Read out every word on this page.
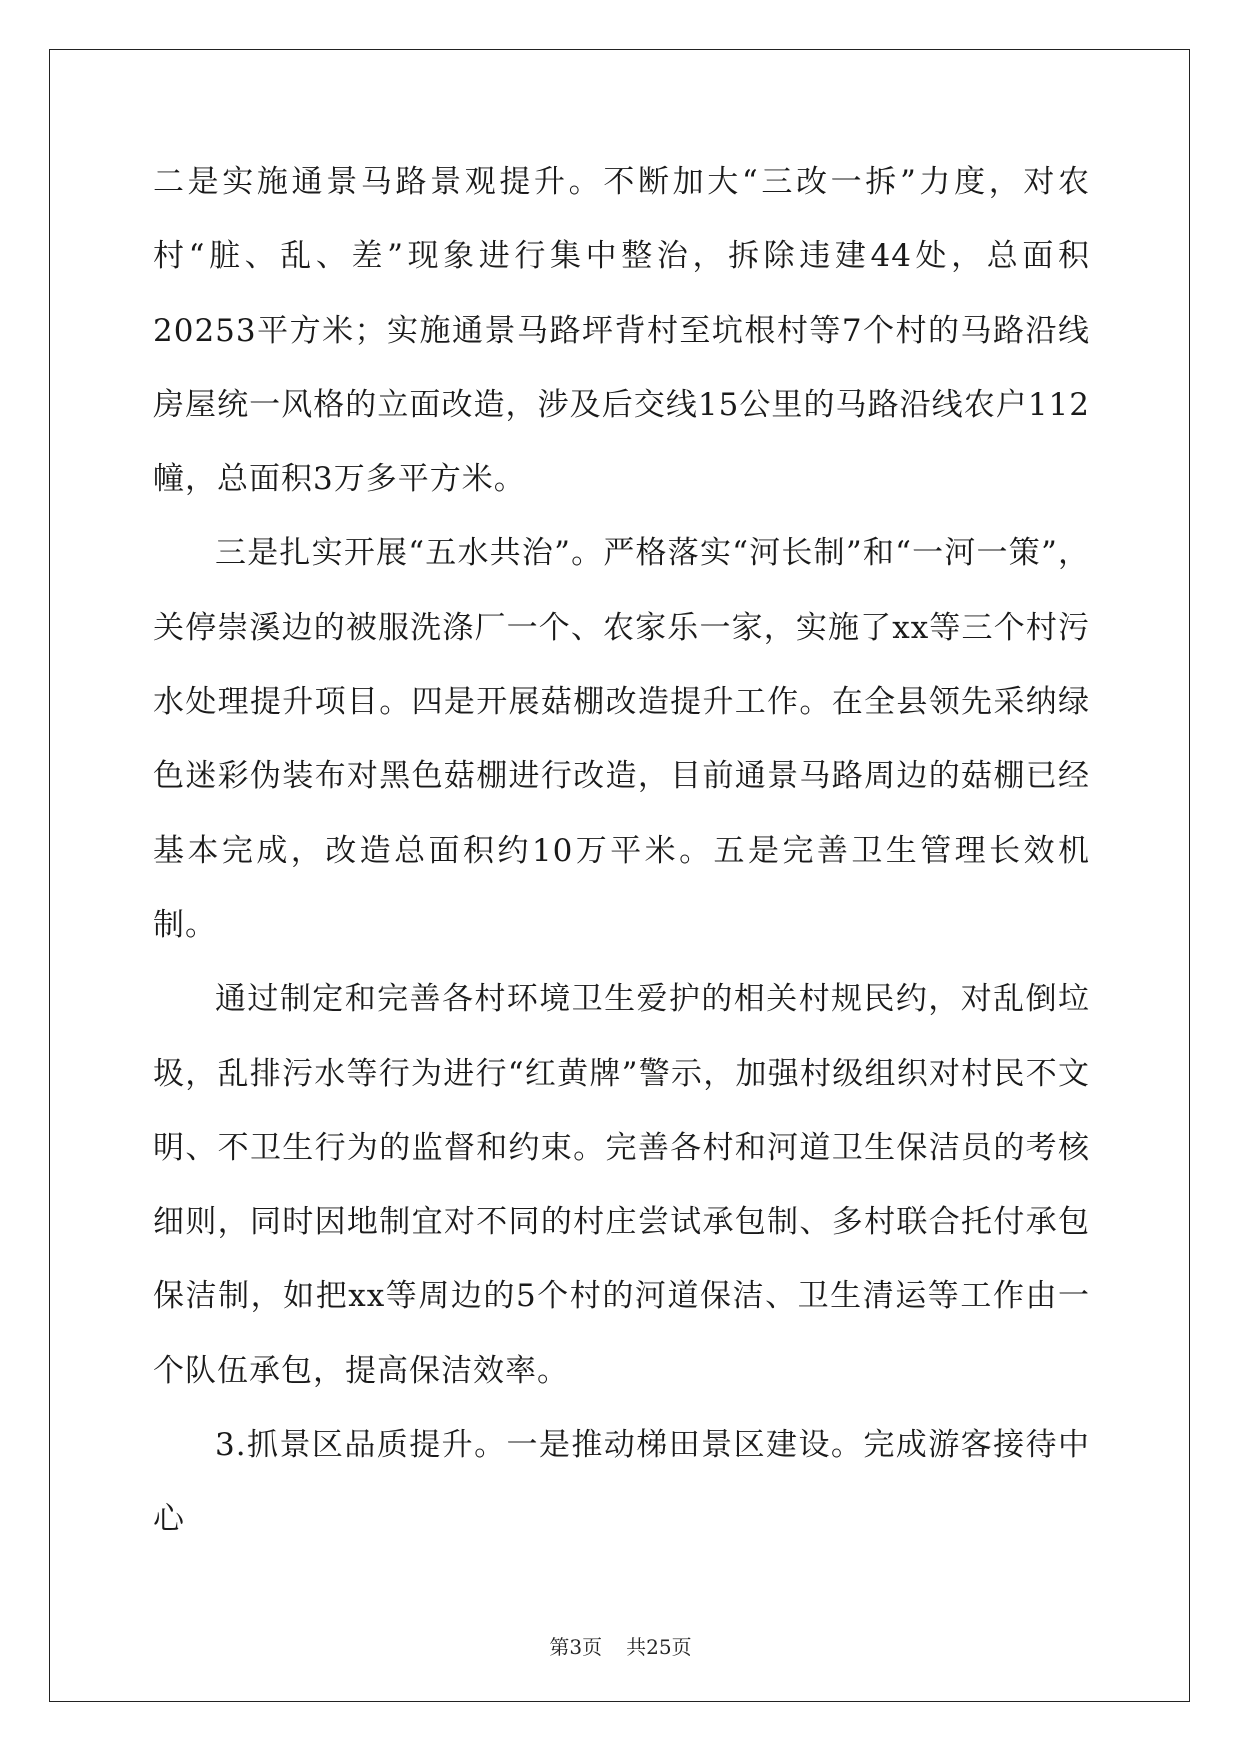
二是实施通景马路景观提升。不断加大“三改一拆”力度，对农村“脏、乱、差”现象进行集中整治，拆除违建44处，总面积20253平方米；实施通景马路坪背村至坑根村等7个村的马路沿线房屋统一风格的立面改造，涉及后交线15公里的马路沿线农户112幢，总面积3万多平方米。

三是扎实开展“五水共治”。严格落实“河长制”和“一河一策”，关停崇溪边的被服洗涤厂一个、农家乐一家，实施了xx等三个村污水处理提升项目。四是开展菇棚改造提升工作。在全县领先采纳绿色迷彩伪装布对黑色菇棚进行改造，目前通景马路周边的菇棚已经基本完成，改造总面积约10万平米。五是完善卫生管理长效机制。

通过制定和完善各村环境卫生爱护的相关村规民约，对乱倒垃圾，乱排污水等行为进行“红黄牌”警示，加强村级组织对村民不文明、不卫生行为的监督和约束。完善各村和河道卫生保洁员的考核细则，同时因地制宜对不同的村庄尝试承包制、多村联合托付承包保洁制，如把xx等周边的5个村的河道保洁、卫生清运等工作由一个队伍承包，提高保洁效率。

3.抓景区品质提升。一是推动梯田景区建设。完成游客接待中心

第3页 共25页
